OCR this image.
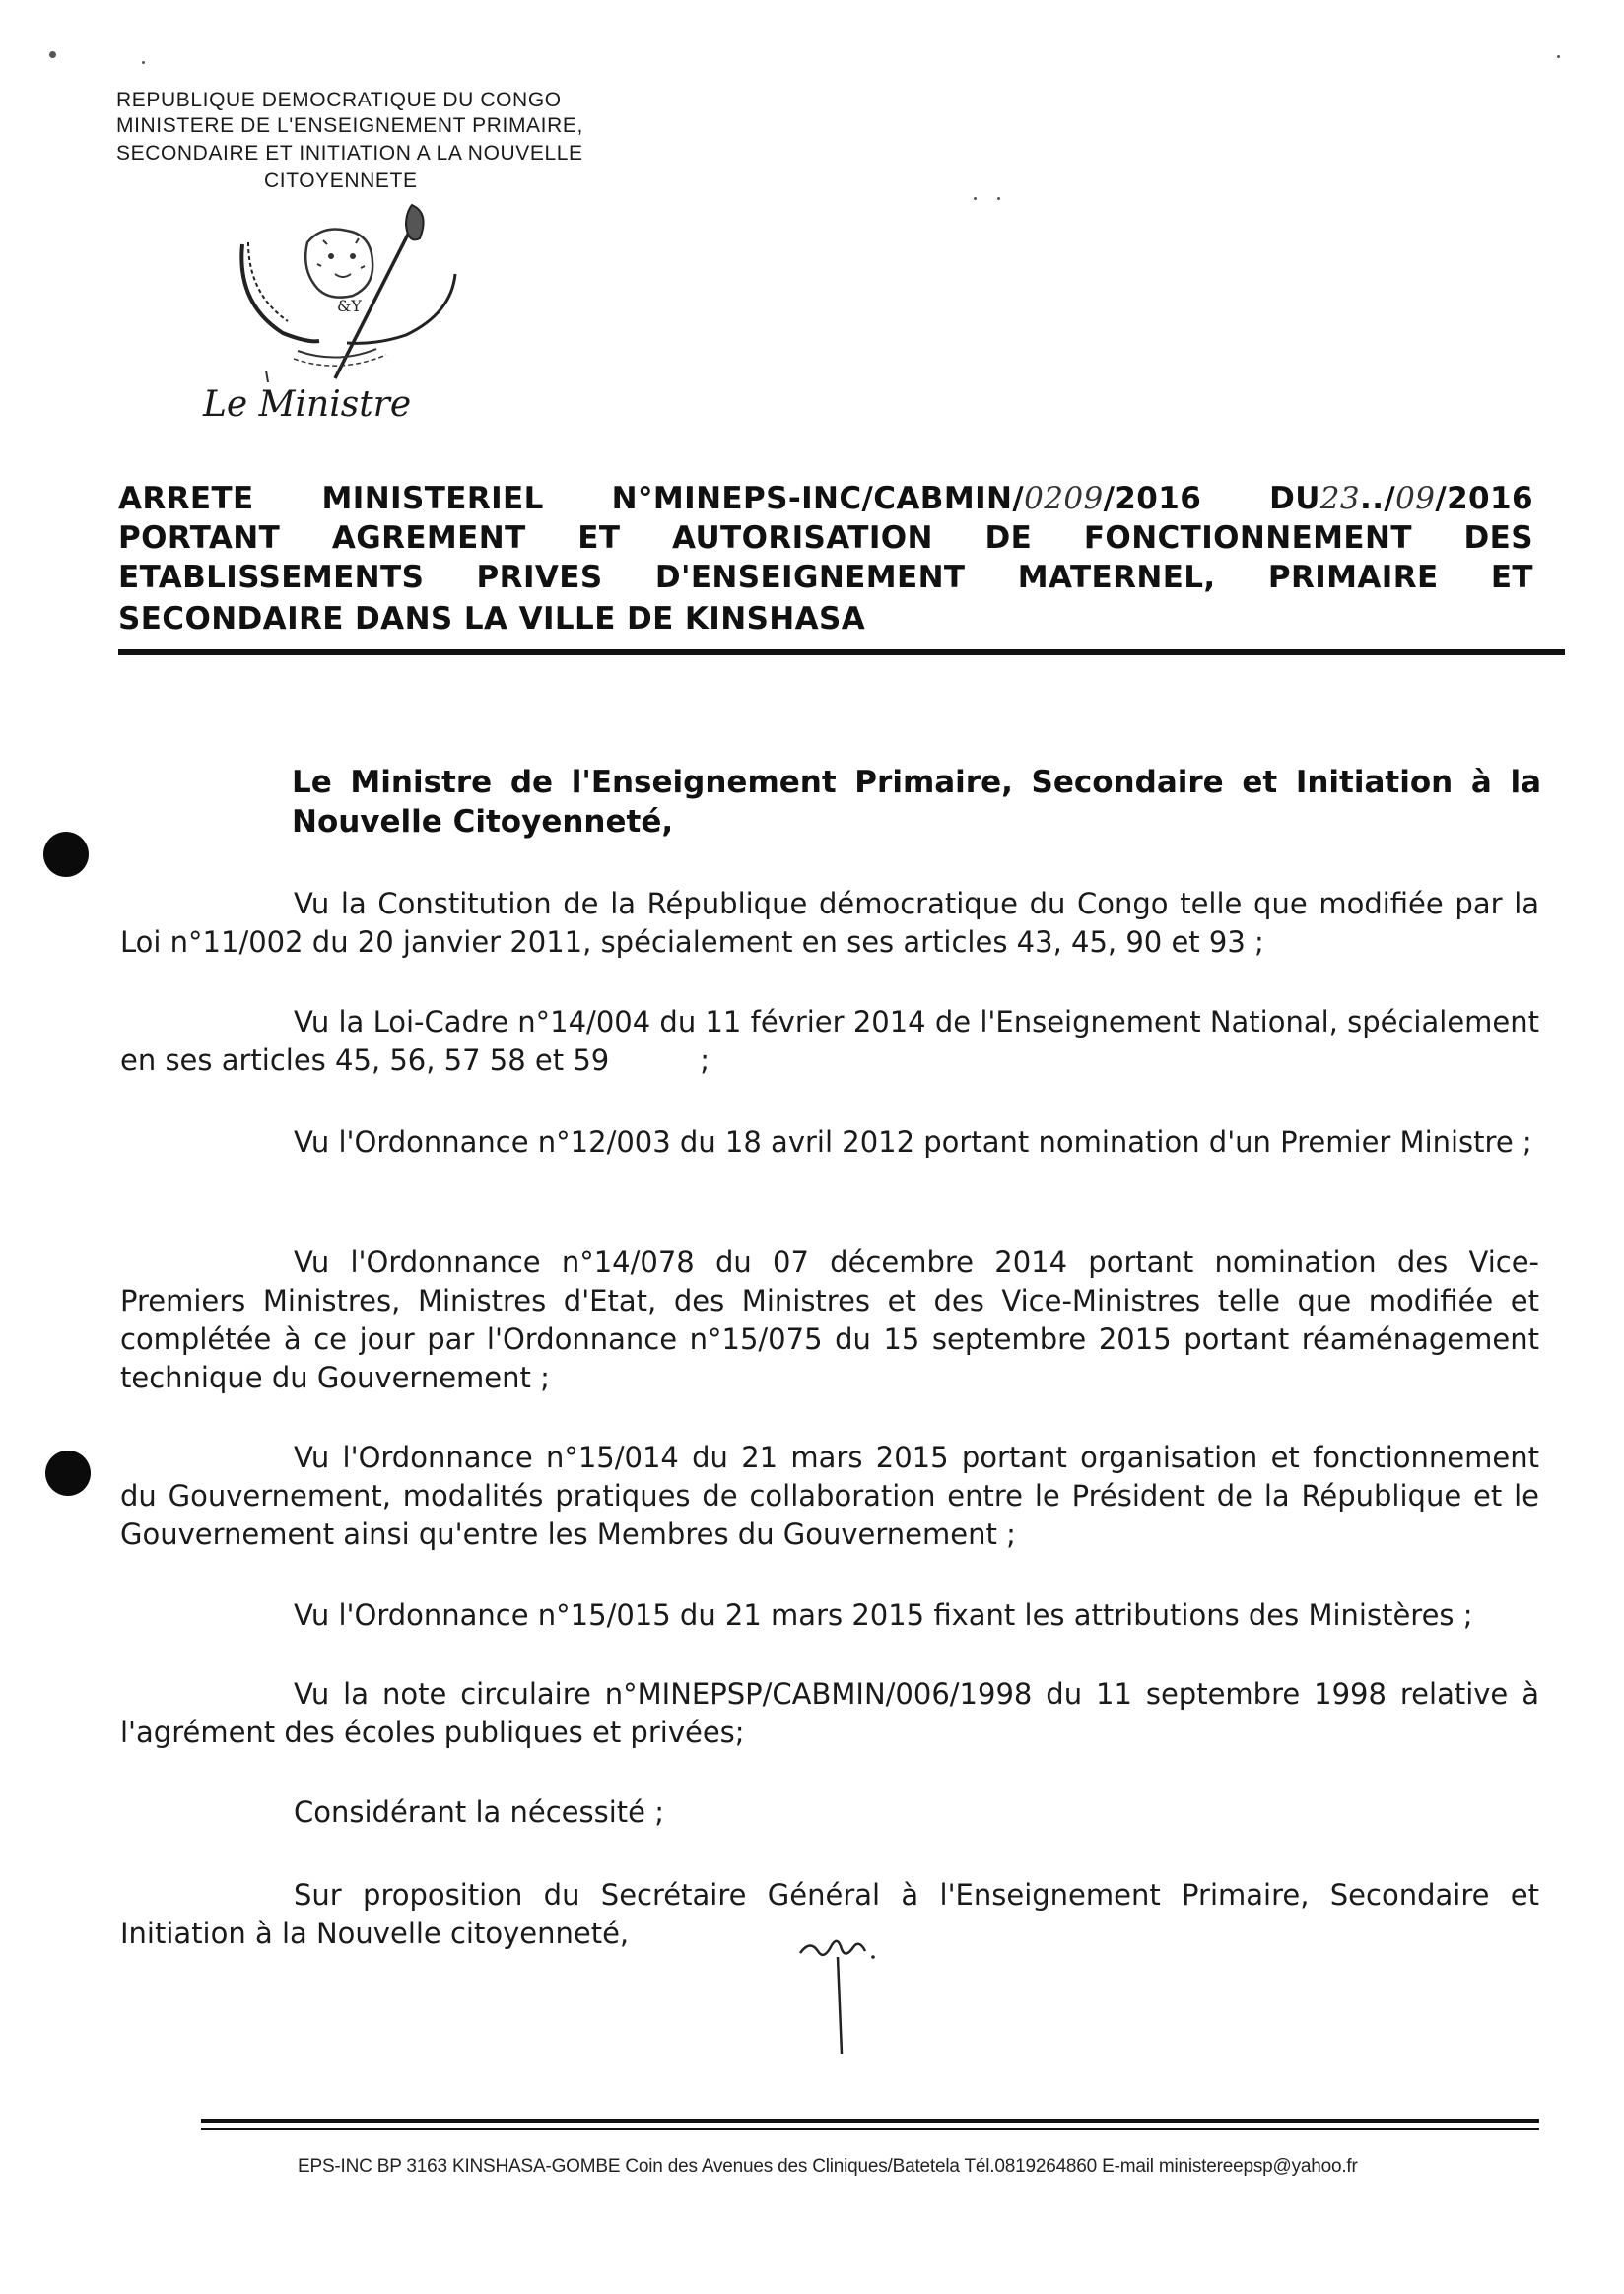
REPUBLIQUE DEMOCRATIQUE DU CONGO
MINISTERE DE L'ENSEIGNEMENT PRIMAIRE,
SECONDAIRE ET INITIATION A LA NOUVELLE
CITOYENNETE
&Y
Le Ministre
ARRETE MINISTERIEL N°MINEPS-INC/CABMIN/0209/2016 DU23../09/2016
PORTANT AGREMENT ET AUTORISATION DE FONCTIONNEMENT DES
ETABLISSEMENTS PRIVES D'ENSEIGNEMENT MATERNEL, PRIMAIRE ET
SECONDAIRE DANS LA VILLE DE KINSHASA
Le Ministre de l'Enseignement Primaire, Secondaire et Initiation à la Nouvelle Citoyenneté,
Vu la Constitution de la République démocratique du Congo telle que modifiée par la Loi n°11/002 du 20 janvier 2011, spécialement en ses articles 43, 45, 90 et 93 ;
Vu la Loi-Cadre n°14/004 du 11 février 2014 de l'Enseignement National, spécialement en ses articles 45, 56, 57 58 et 59	;
Vu l'Ordonnance n°12/003 du 18 avril 2012 portant nomination d'un Premier Ministre ;
Vu l'Ordonnance n°14/078 du 07 décembre 2014 portant nomination des Vice-Premiers Ministres, Ministres d'Etat, des Ministres et des Vice-Ministres telle que modifiée et complétée à ce jour par l'Ordonnance n°15/075 du 15 septembre 2015 portant réaménagement technique du Gouvernement ;
Vu l'Ordonnance n°15/014 du 21 mars 2015 portant organisation et fonctionnement du Gouvernement, modalités pratiques de collaboration entre le Président de la République et le Gouvernement ainsi qu'entre les Membres du Gouvernement ;
Vu l'Ordonnance n°15/015 du 21 mars 2015 fixant les attributions des Ministères ;
Vu la note circulaire n°MINEPSP/CABMIN/006/1998 du 11 septembre 1998 relative à l'agrément des écoles publiques et privées;
Considérant la nécessité ;
Sur proposition du Secrétaire Général à l'Enseignement Primaire, Secondaire et Initiation à la Nouvelle citoyenneté,
EPS-INC BP 3163 KINSHASA-GOMBE Coin des Avenues des Cliniques/Batetela Tél.0819264860 E-mail ministereepsp@yahoo.fr
